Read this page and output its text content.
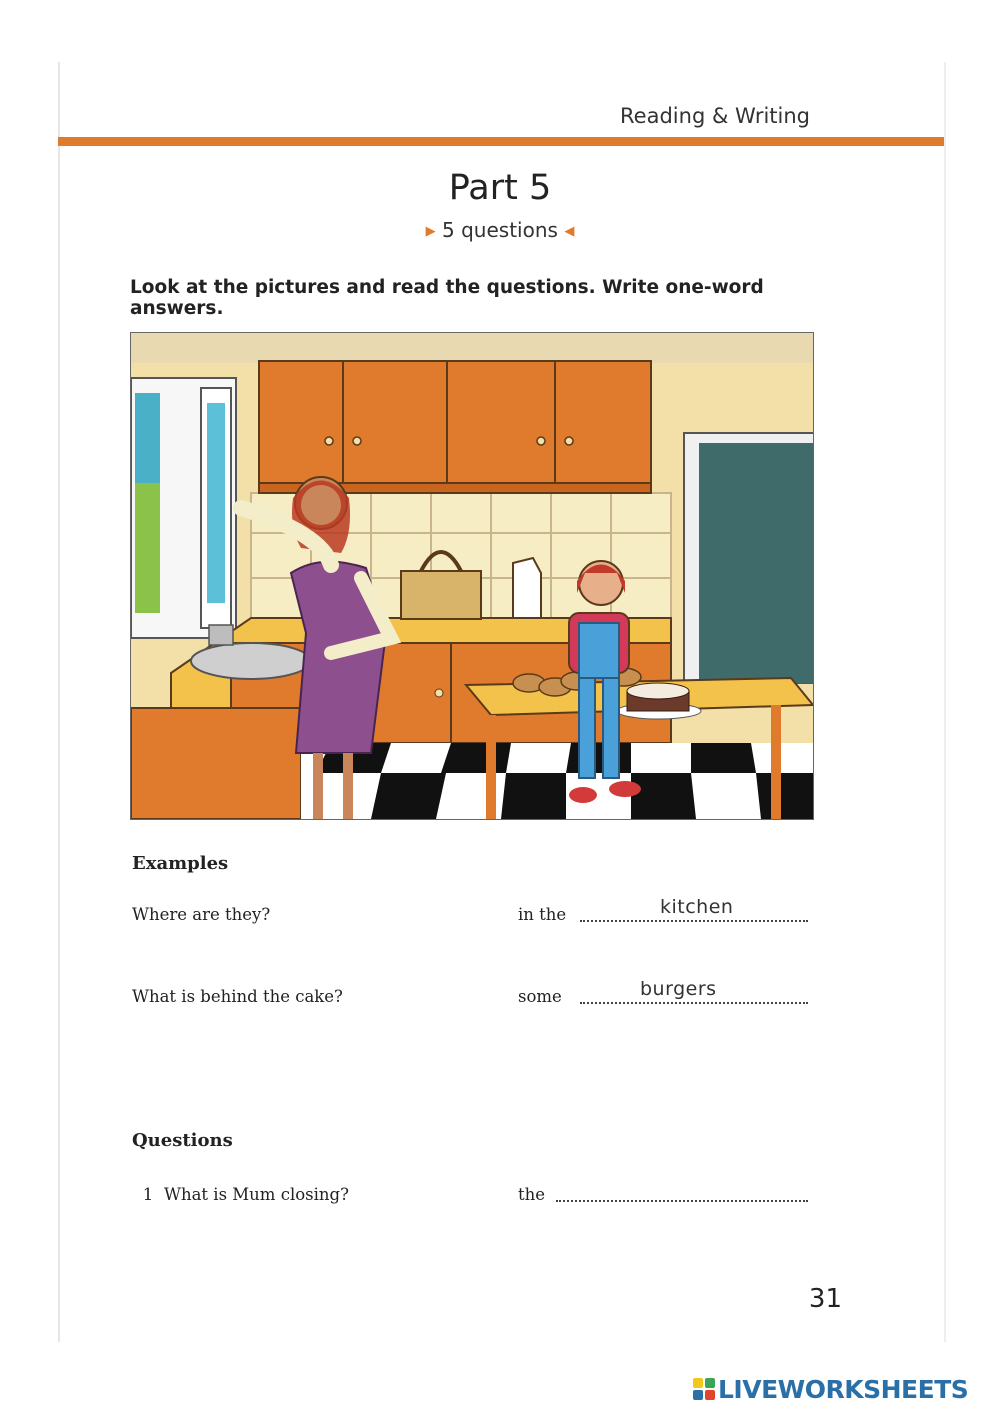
Reading & Writing
Part 5
▶ 5 questions ◀
Look at the pictures and read the questions. Write one-word answers.
Examples
Where are they?	in the	kitchen
What is behind the cake?	some	burgers
Questions
1 What is Mum closing?	the
31
LIVEWORKSHEETS
